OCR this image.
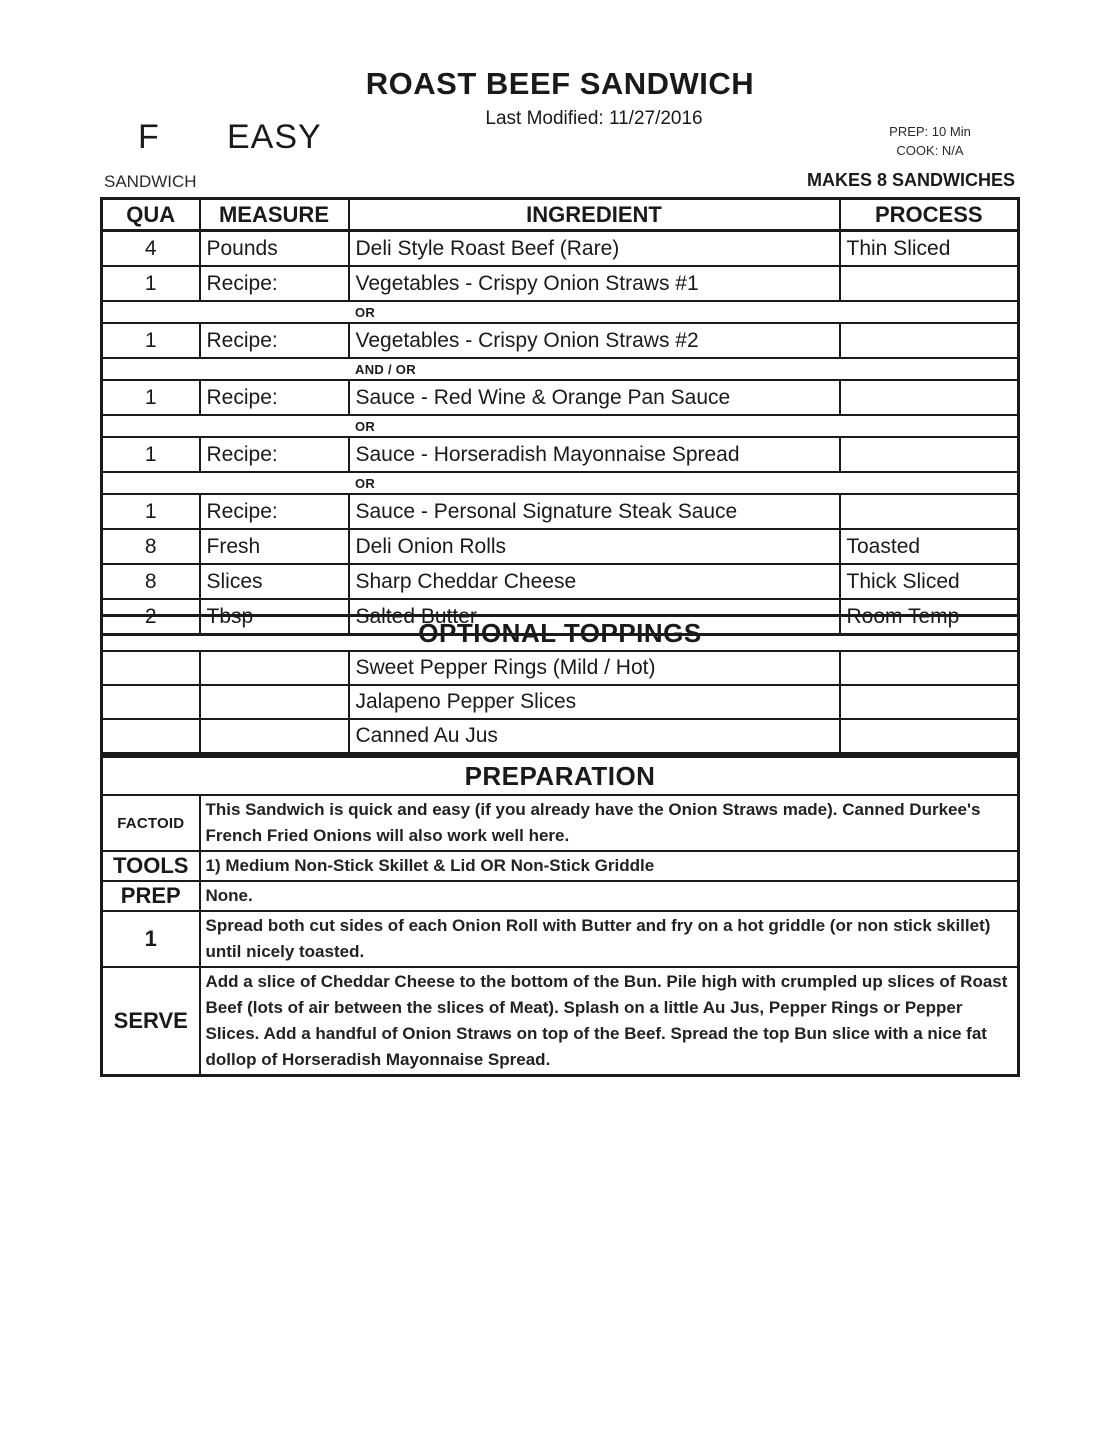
ROAST BEEF SANDWICH
Last Modified: 11/27/2016
F EASY	PREP: 10 Min
COOK: N/A
SANDWICH	MAKES 8 SANDWICHES
QUA	MEASURE	INGREDIENT	PROCESS
4	Pounds	Deli Style Roast Beef (Rare)	Thin Sliced
1	Recipe:	Vegetables - Crispy Onion Straws #1	
OR			
1	Recipe:	Vegetables - Crispy Onion Straws #2	
AND / OR			
1	Recipe:	Sauce - Red Wine & Orange Pan Sauce	
OR			
1	Recipe:	Sauce - Horseradish Mayonnaise Spread	
OR			
1	Recipe:	Sauce - Personal Signature Steak Sauce	
8	Fresh	Deli Onion Rolls	Toasted
8	Slices	Sharp Cheddar Cheese	Thick Sliced
2	Tbsp	Salted Butter	Room Temp
OPTIONAL TOPPINGS			
		Sweet Pepper Rings (Mild / Hot)	
		Jalapeno Pepper Slices	
		Canned Au Jus	
PREPARATION	
FACTOID	This Sandwich is quick and easy (if you already have the Onion Straws made). Canned Durkee's French Fried Onions will also work well here.
TOOLS	1) Medium Non-Stick Skillet & Lid OR Non-Stick Griddle
PREP	None.
1	Spread both cut sides of each Onion Roll with Butter and fry on a hot griddle (or non stick skillet) until nicely toasted.
SERVE	Add a slice of Cheddar Cheese to the bottom of the Bun. Pile high with crumpled up slices of Roast Beef (lots of air between the slices of Meat). Splash on a little Au Jus, Pepper Rings or Pepper Slices. Add a handful of Onion Straws on top of the Beef. Spread the top Bun slice with a nice fat dollop of Horseradish Mayonnaise Spread.
